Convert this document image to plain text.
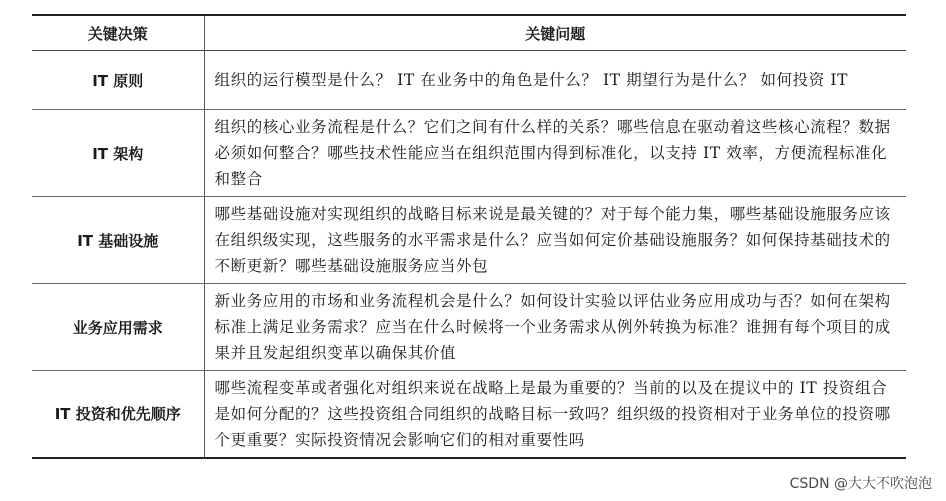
关键决策	关键问题
IT 原则	组织的运行模型是什么？ IT 在业务中的角色是什么？ IT 期望行为是什么？ 如何投资 IT
IT 架构	组织的核心业务流程是什么？它们之间有什么样的关系？哪些信息在驱动着这些核心流程？数据必须如何整合？哪些技术性能应当在组织范围内得到标准化，以支持 IT 效率，方便流程标准化和整合
IT 基础设施	哪些基础设施对实现组织的战略目标来说是最关键的？对于每个能力集，哪些基础设施服务应该在组织级实现，这些服务的水平需求是什么？应当如何定价基础设施服务？如何保持基础技术的不断更新？哪些基础设施服务应当外包
业务应用需求	新业务应用的市场和业务流程机会是什么？如何设计实验以评估业务应用成功与否？如何在架构标准上满足业务需求？应当在什么时候将一个业务需求从例外转换为标准？谁拥有每个项目的成果并且发起组织变革以确保其价值
IT 投资和优先顺序	哪些流程变革或者强化对组织来说在战略上是最为重要的？当前的以及在提议中的 IT 投资组合是如何分配的？这些投资组合同组织的战略目标一致吗？组织级的投资相对于业务单位的投资哪个更重要？实际投资情况会影响它们的相对重要性吗
CSDN @大大不吹泡泡
